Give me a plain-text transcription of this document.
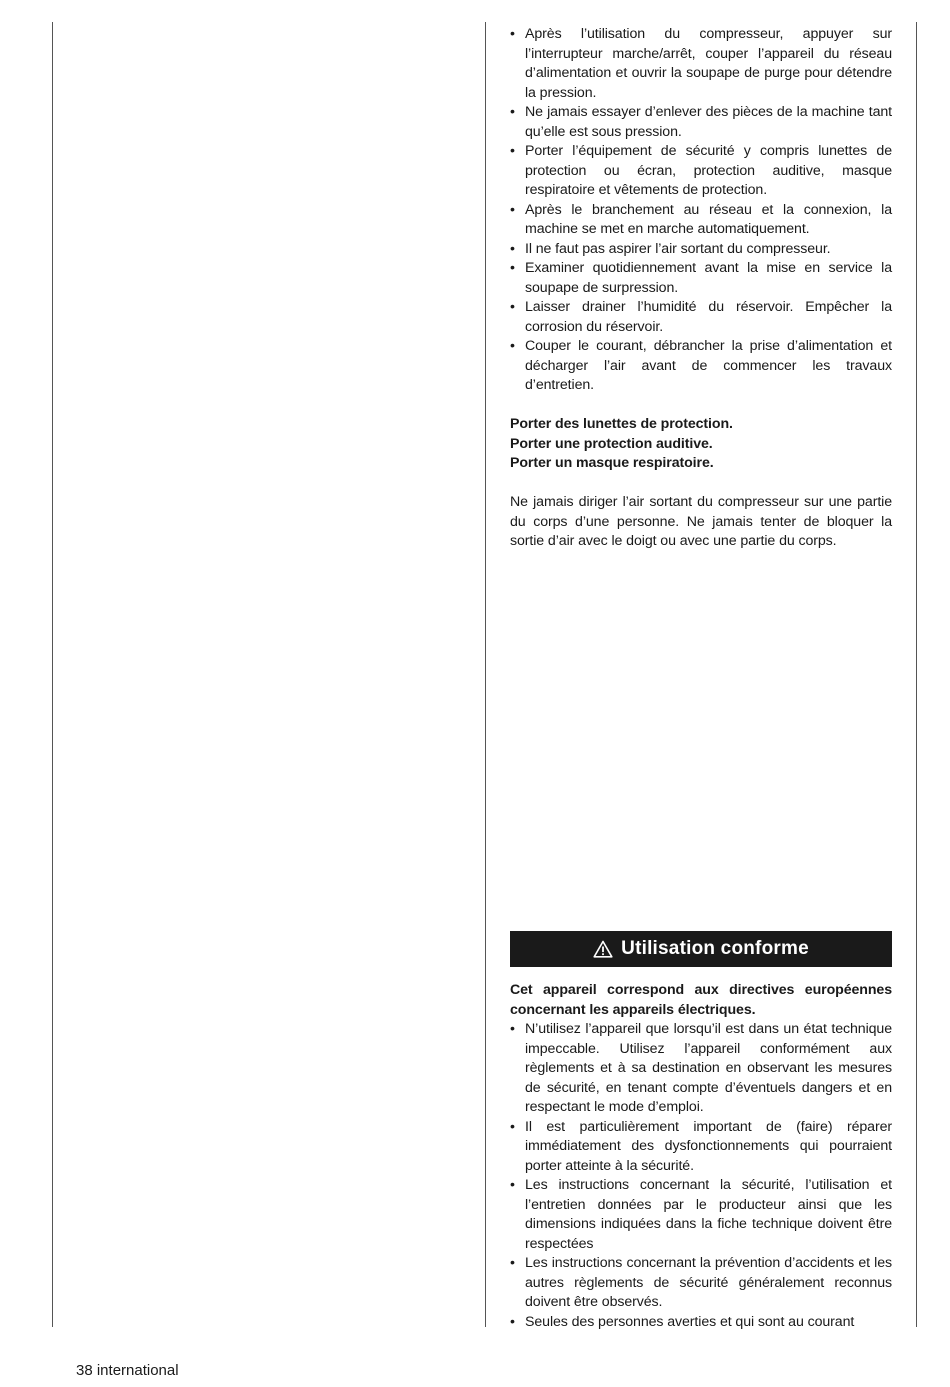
• Après l’utilisation du compresseur, appuyer sur l’interrupteur marche/arrêt, couper l’appareil du réseau d’alimentation et ouvrir la soupape de purge pour détendre la pression.
• Ne jamais essayer d’enlever des pièces de la machine tant qu’elle est sous pression.
• Porter l’équipement de sécurité y compris lunettes de protection ou écran, protection auditive, masque respiratoire et vêtements de protection.
• Après le branchement au réseau et la connexion, la machine se met en marche automatiquement.
• Il ne faut pas aspirer l’air sortant du compresseur.
• Examiner quotidiennement avant la mise en service la soupape de surpression.
• Laisser drainer l’humidité du réservoir. Empêcher la corrosion du réservoir.
• Couper le courant, débrancher la prise d’alimentation et décharger l’air avant de commencer les travaux d’entretien.

Porter des lunettes de protection.

Porter une protection auditive.

Porter un masque respiratoire.

Ne jamais diriger l’air sortant du compresseur sur une partie du corps d’une personne. Ne jamais tenter de bloquer la sortie d’air avec le doigt ou avec une partie du corps.

Utilisation conforme

Cet appareil correspond aux directives européennes concernant les appareils électriques.

• N’utilisez l’appareil que lorsqu’il est dans un état technique impeccable. Utilisez l’appareil conformément aux règlements et à sa destination en observant les mesures de sécurité, en tenant compte d’éventuels dangers et en respectant le mode d’emploi.
• Il est particulièrement important de (faire) réparer immédiatement des dysfonctionnements qui pourraient porter atteinte à la sécurité.
• Les instructions concernant la sécurité, l’utilisation et l’entretien données par le producteur ainsi que les dimensions indiquées dans la fiche technique doivent être respectées
• Les instructions concernant la prévention d’accidents et les autres règlements de sécurité généralement reconnus doivent être observés.
• Seules des personnes averties et qui sont au courant
38 international
